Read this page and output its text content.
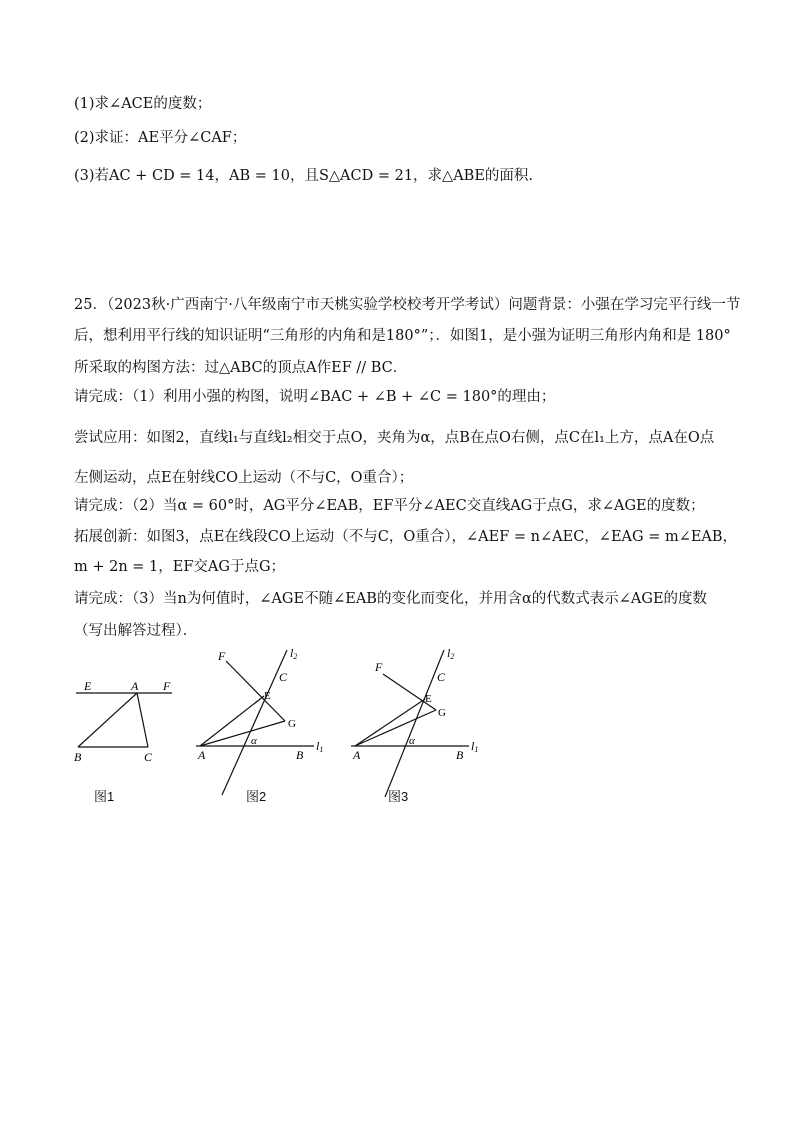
(1)求∠ACE的度数；
(2)求证：AE平分∠CAF；
(3)若AC + CD = 14，AB = 10，且S△ACD = 21，求△ABE的面积.
25．（2023秋·广西南宁·八年级南宁市天桃实验学校校考开学考试）问题背景：小强在学习完平行线一节
后，想利用平行线的知识证明“三角形的内角和是180°”；．如图1，是小强为证明三角形内角和是 180°
所采取的构图方法：过△ABC的顶点A作EF // BC．
请完成：（1）利用小强的构图，说明∠BAC + ∠B + ∠C = 180°的理由；
尝试应用：如图2，直线l₁与直线l₂相交于点O，夹角为α，点B在点O右侧，点C在l₁上方，点A在O点
左侧运动，点E在射线CO上运动（不与C，O重合）；
请完成：（2）当α = 60°时，AG平分∠EAB，EF平分∠AEC交直线AG于点G，求∠AGE的度数；
拓展创新：如图3，点E在线段CO上运动（不与C，O重合），∠AEF = n∠AEC，∠EAG = m∠EAB，
m + 2n = 1，EF交AG于点G；
请完成：（3）当n为何值时，∠AGE不随∠EAB的变化而变化，并用含α的代数式表示∠AGE的度数
（写出解答过程）．
E	A F
B	C
图1
F	l2
C
E
G
α
A	B
l1
图2
F
l2
C
E
G
α
A	B
l1
图3
